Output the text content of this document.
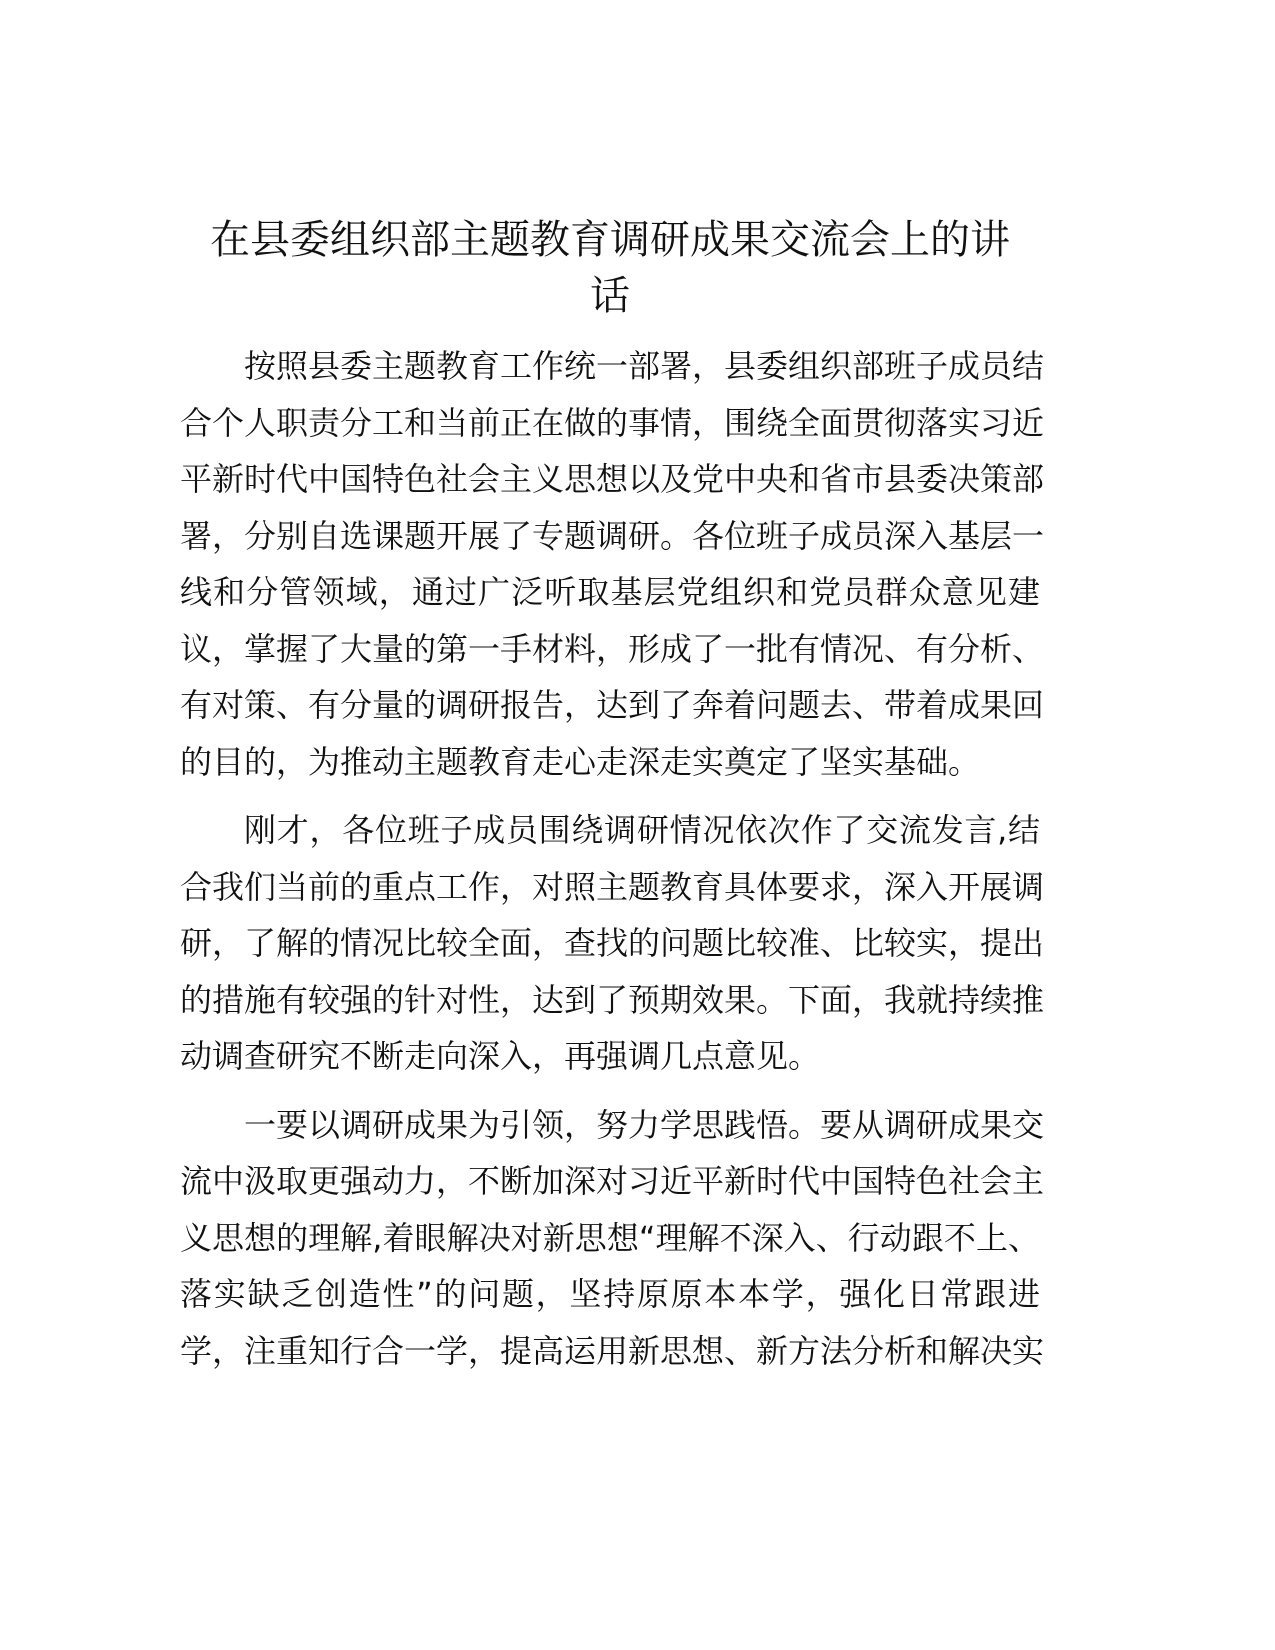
在县委组织部主题教育调研成果交流会上的讲
话
按照县委主题教育工作统一部署，县委组织部班子成员结
合个人职责分工和当前正在做的事情，围绕全面贯彻落实习近
平新时代中国特色社会主义思想以及党中央和省市县委决策部
署，分别自选课题开展了专题调研。各位班子成员深入基层一
线和分管领域，通过广泛听取基层党组织和党员群众意见建
议，掌握了大量的第一手材料，形成了一批有情况、有分析、
有对策、有分量的调研报告，达到了奔着问题去、带着成果回
的目的，为推动主题教育走心走深走实奠定了坚实基础。
刚才，各位班子成员围绕调研情况依次作了交流发言,结
合我们当前的重点工作，对照主题教育具体要求，深入开展调
研，了解的情况比较全面，查找的问题比较准、比较实，提出
的措施有较强的针对性，达到了预期效果。下面，我就持续推
动调查研究不断走向深入，再强调几点意见。
一要以调研成果为引领，努力学思践悟。要从调研成果交
流中汲取更强动力，不断加深对习近平新时代中国特色社会主
义思想的理解,着眼解决对新思想“理解不深入、行动跟不上、
落实缺乏创造性”的问题，坚持原原本本学，强化日常跟进
学，注重知行合一学，提高运用新思想、新方法分析和解决实
